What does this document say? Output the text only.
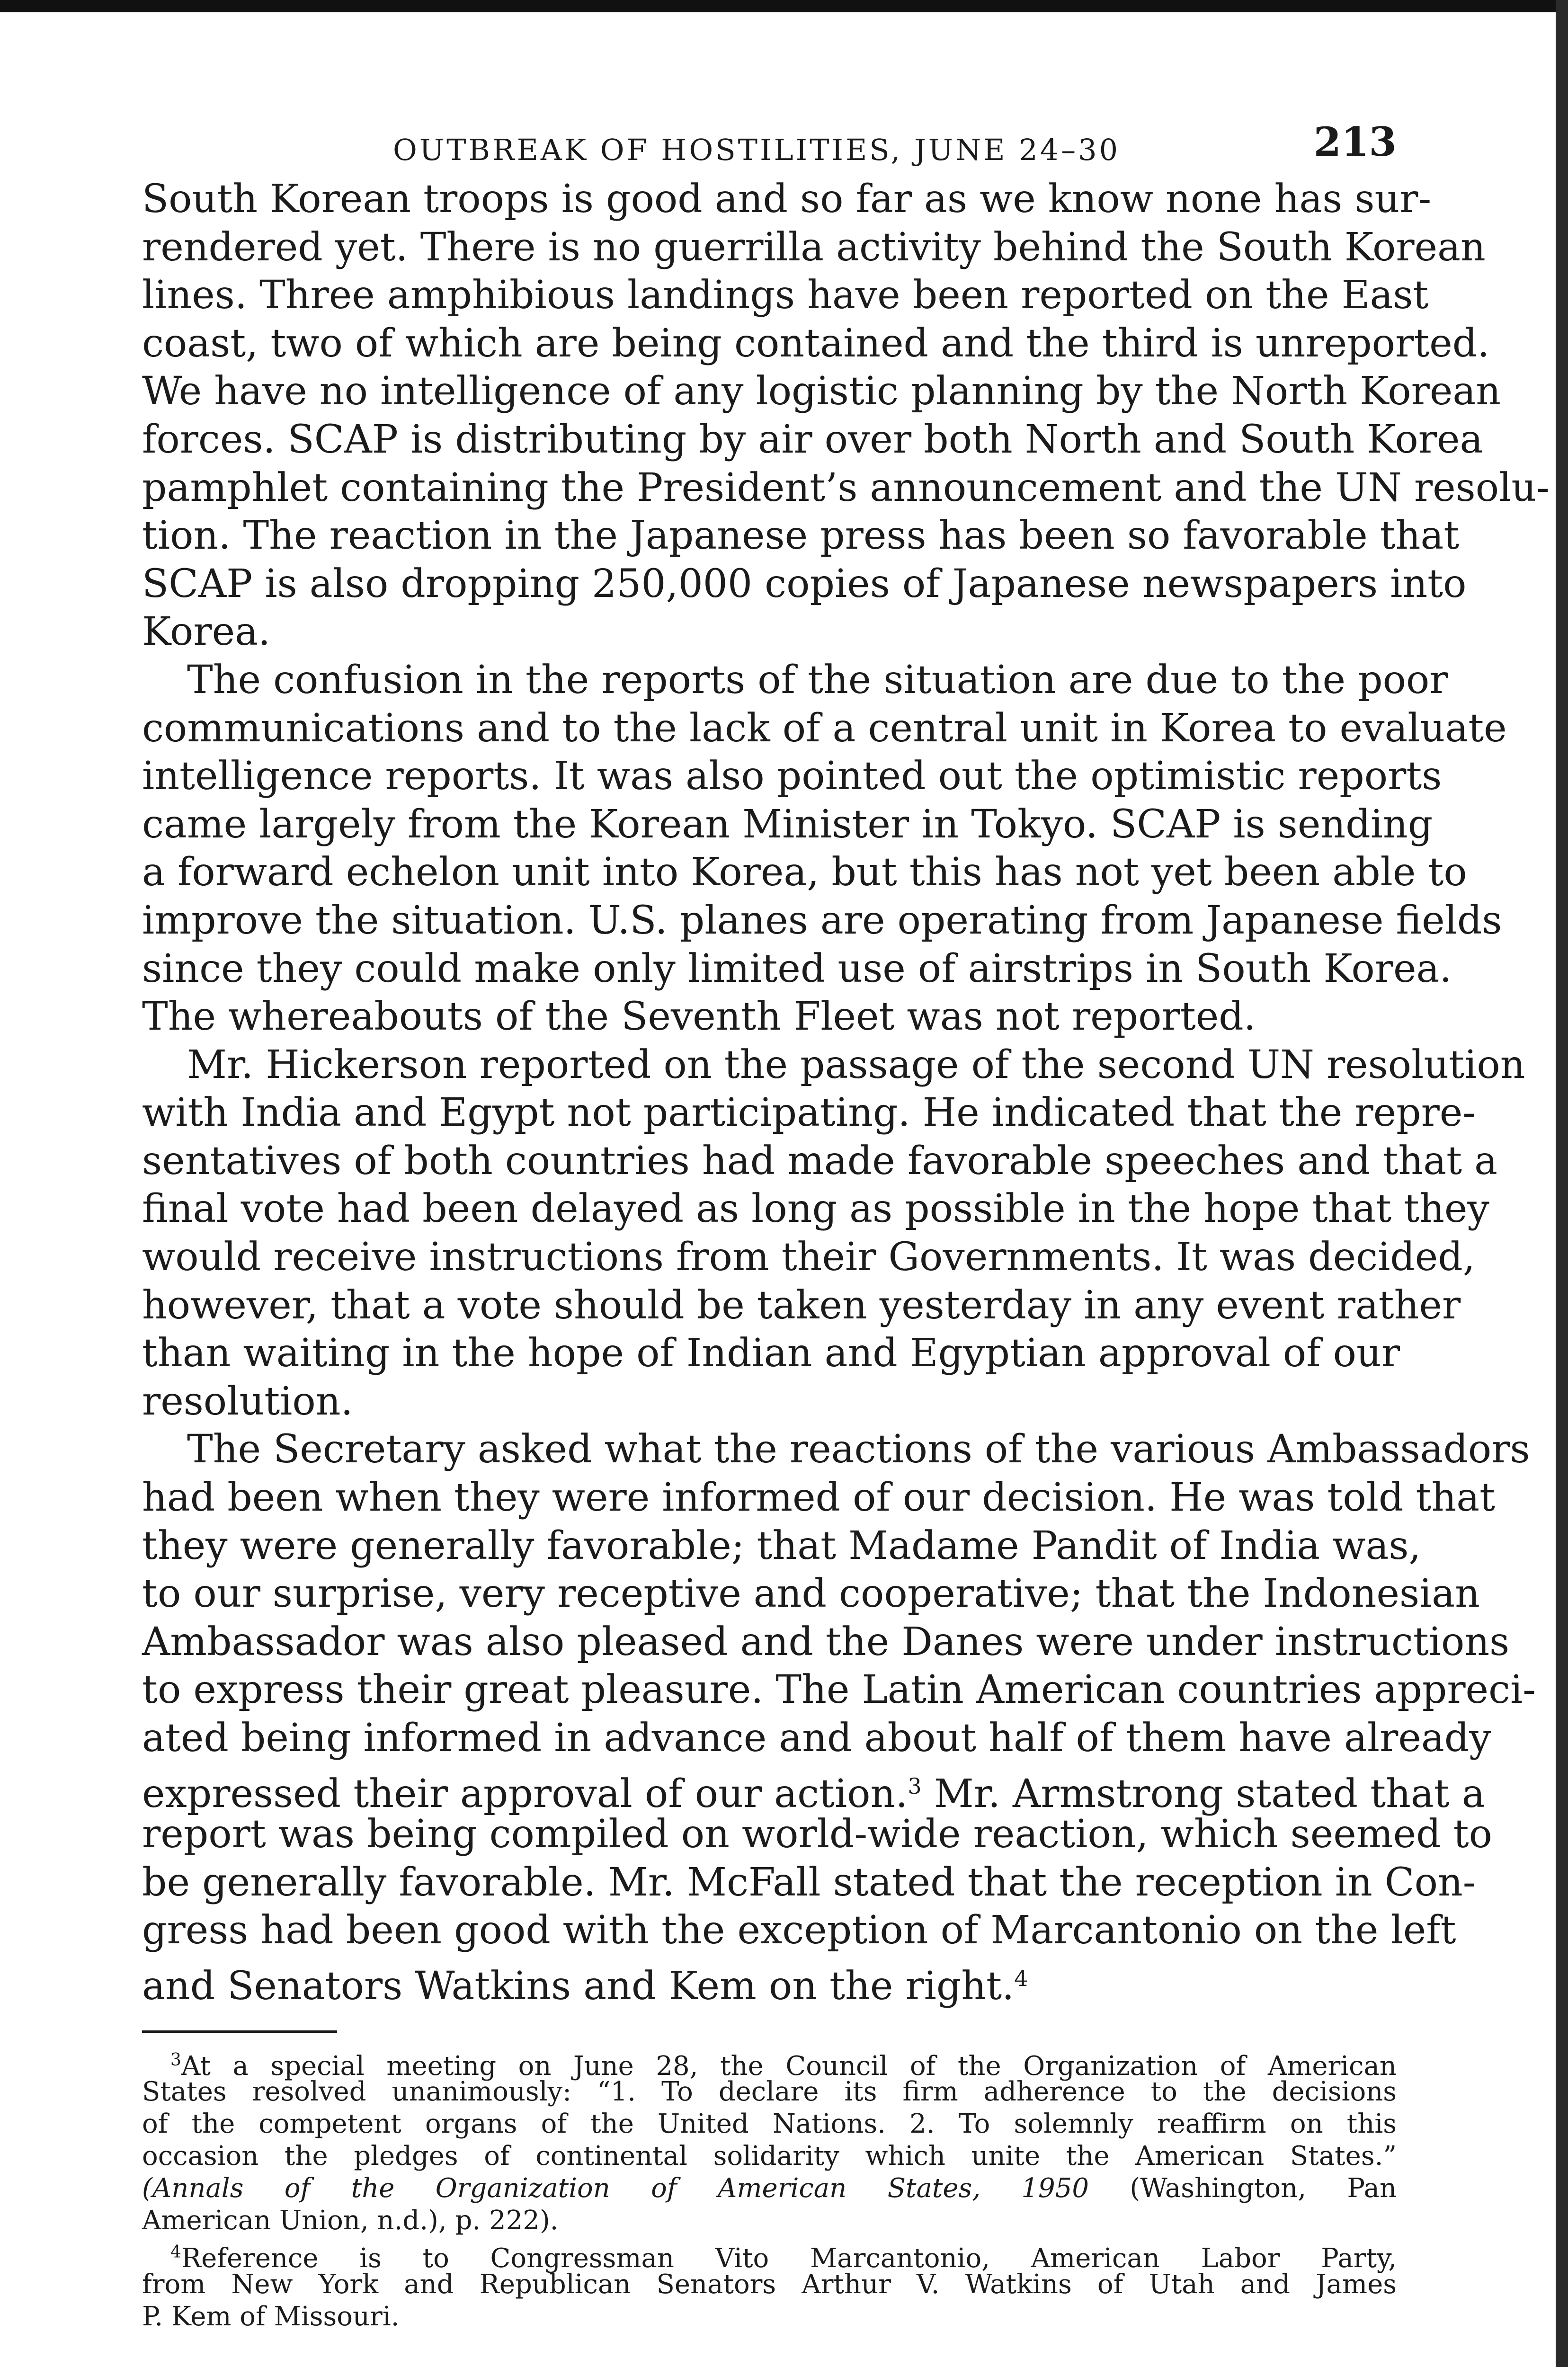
OUTBREAK OF HOSTILITIES, JUNE 24–30	213
South Korean troops is good and so far as we know none has sur-
rendered yet. There is no guerrilla activity behind the South Korean
lines. Three amphibious landings have been reported on the East
coast, two of which are being contained and the third is unreported.
We have no intelligence of any logistic planning by the North Korean
forces. SCAP is distributing by air over both North and South Korea
pamphlet containing the President’s announcement and the UN resolu-
tion. The reaction in the Japanese press has been so favorable that
SCAP is also dropping 250,000 copies of Japanese newspapers into
Korea.
The confusion in the reports of the situation are due to the poor
communications and to the lack of a central unit in Korea to evaluate
intelligence reports. It was also pointed out the optimistic reports
came largely from the Korean Minister in Tokyo. SCAP is sending
a forward echelon unit into Korea, but this has not yet been able to
improve the situation. U.S. planes are operating from Japanese fields
since they could make only limited use of airstrips in South Korea.
The whereabouts of the Seventh Fleet was not reported.
Mr. Hickerson reported on the passage of the second UN resolution
with India and Egypt not participating. He indicated that the repre-
sentatives of both countries had made favorable speeches and that a
final vote had been delayed as long as possible in the hope that they
would receive instructions from their Governments. It was decided,
however, that a vote should be taken yesterday in any event rather
than waiting in the hope of Indian and Egyptian approval of our
resolution.
The Secretary asked what the reactions of the various Ambassadors
had been when they were informed of our decision. He was told that
they were generally favorable; that Madame Pandit of India was,
to our surprise, very receptive and cooperative; that the Indonesian
Ambassador was also pleased and the Danes were under instructions
to express their great pleasure. The Latin American countries appreci-
ated being informed in advance and about half of them have already
expressed their approval of our action.$^3$ Mr. Armstrong stated that a
report was being compiled on world-wide reaction, which seemed to
be generally favorable. Mr. McFall stated that the reception in Con-
gress had been good with the exception of Marcantonio on the left
and Senators Watkins and Kem on the right.$^4$
$^3$At a special meeting on June 28, the Council of the Organization of American
States resolved unanimously: “1. To declare its firm adherence to the decisions
of the competent organs of the United Nations. 2. To solemnly reaffirm on this
occasion the pledges of continental solidarity which unite the American States.”
(Annals of the Organization of American States, 1950 (Washington, Pan
American Union, n.d.), p. 222).
$^4$Reference is to Congressman Vito Marcantonio, American Labor Party,
from New York and Republican Senators Arthur V. Watkins of Utah and James
P. Kem of Missouri.
